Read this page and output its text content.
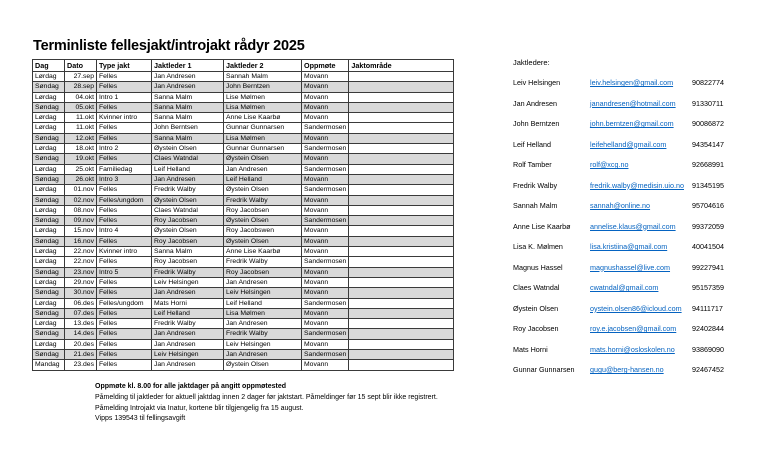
Terminliste fellesjakt/introjakt rådyr 2025
Dag	Dato	Type jakt	Jaktleder 1	Jaktleder 2	Oppmøte	Jaktområde
Lørdag	27.sep	Felles	Jan Andresen	Sannah Malm	Movann	
Søndag	28.sep	Felles	Jan Andresen	John Berntzen	Movann	
Lørdag	04.okt	Intro 1	Sanna Malm	Lise Mølmen	Movann	
Søndag	05.okt	Felles	Sanna Malm	Lisa Mølmen	Movann	
Lørdag	11.okt	Kvinner intro	Sanna Malm	Anne Lise Kaarbø	Movann	
Lørdag	11.okt	Felles	John Berntsen	Gunnar Gunnarsen	Sandermosen	
Søndag	12.okt	Felles	Sanna Malm	Lisa Mølmen	Movann	
Lørdag	18.okt	Intro 2	Øystein Olsen	Gunnar Gunnarsen	Sandermosen	
Søndag	19.okt	Felles	Claes Watndal	Øystein Olsen	Movann	
Lørdag	25.okt	Familiedag	Leif Helland	Jan Andresen	Sandermosen	
Søndag	26.okt	Intro 3	Jan Andresen	Leif Helland	Movann	
Lørdag	01.nov	Felles	Fredrik Walby	Øystein Olsen	Sandermosen	
Søndag	02.nov	Felles/ungdom	Øystein Olsen	Fredrik Walby	Movann	
Lørdag	08.nov	Felles	Claes Watndal	Roy Jacobsen	Movann	
Søndag	09.nov	Felles	Roy Jacobsen	Øystein Olsen	Sandermosen	
Lørdag	15.nov	Intro 4	Øystein Olsen	Roy Jacobswen	Movann	
Søndag	16.nov	Felles	Roy Jacobsen	Øystein Olsen	Movann	
Lørdag	22.nov	Kvinner intro	Sanna Malm	Anne Lise Kaarbø	Movann	
Lørdag	22.nov	Felles	Roy Jacobsen	Fredrik Walby	Sandermosen	
Søndag	23.nov	Intro 5	Fredrik Walby	Roy Jacobsen	Movann	
Lørdag	29.nov	Felles	Leiv Helsingen	Jan Andresen	Movann	
Søndag	30.nov	Felles	Jan Andresen	Leiv Helsingen	Movann	
Lørdag	06.des	Felles/ungdom	Mats Horni	Leif Helland	Sandermosen	
Søndag	07.des	Felles	Leif Helland	Lisa Mølmen	Movann	
Lørdag	13.des	Felles	Fredrik Walby	Jan Andresen	Movann	
Søndag	14.des	Felles	Jan Andresen	Fredrik Walby	Sandermosen	
Lørdag	20.des	Felles	Jan Andresen	Leiv Helsingen	Movann	
Søndag	21.des	Felles	Leiv Helsingen	Jan Andresen	Sandermosen	
Mandag	23.des	Felles	Jan Andresen	Øystein Olsen	Movann	

Oppmøte kl. 8.00 for alle jaktdager på angitt oppmøtested

Påmelding til jaktleder for aktuell jaktdag innen 2 dager før jaktstart. Påmeldinger før 15 sept blir ikke registrert.

Påmelding Introjakt via Inatur, kortene blir tilgjengelig fra 15 august.

Vipps 139543 til fellingsavgift

Jaktledere:
Leiv Helsingen	leiv.helsingen@gmail.com	90822774
Jan Andresen	janandresen@hotmail.com	91330711
John Berntzen	john.berntzen@gmail.com	90086872
Leif Helland	leifehelland@gmail.com	94354147
Rolf Tamber	rolf@xcg.no	92668991
Fredrik Walby	fredrik.walby@medisin.uio.no	91345195
Sannah Malm	sannah@online.no	95704616
Anne Lise Kaarbø	annelise.klaus@gmail.com	99372059
Lisa K. Mølmen	lisa.kristiina@gmail.com	40041504
Magnus Hassel	magnushassel@live.com	99227941
Claes Watndal	cwatndal@gmail.com	95157359
Øystein Olsen	oystein.olsen86@icloud.com	94111717
Roy Jacobsen	roy.e.jacobsen@gmail.com	92402844
Mats Horni	mats.horni@osloskolen.no	93869090
Gunnar Gunnarsen	gugu@berg-hansen.no	92467452
